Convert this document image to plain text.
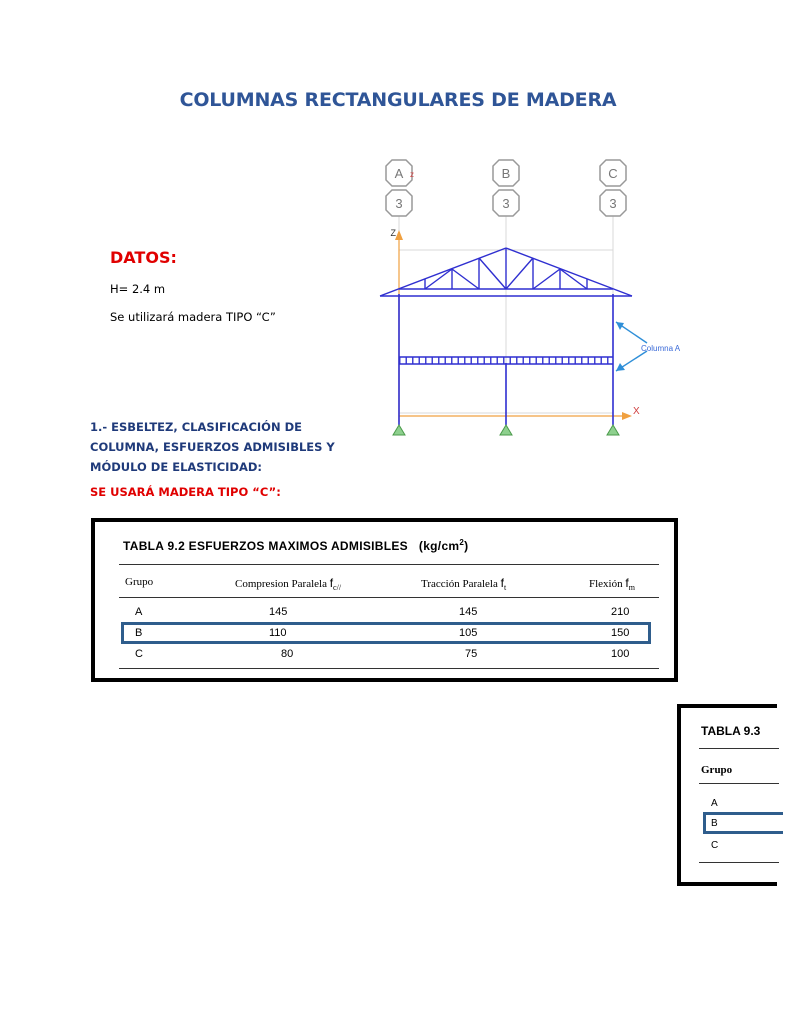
COLUMNAS RECTANGULARES DE MADERA
DATOS:
H= 2.4 m
Se utilizará madera TIPO “C”
1.- ESBELTEZ, CLASIFICACIÓN DE
COLUMNA, ESFUERZOS ADMISIBLES Y
MÓDULO DE ELASTICIDAD:
SE USARÁ MADERA TIPO “C”:
A
3
B
3
C
3
Z
X
Columna A
z
TABLA 9.2 ESFUERZOS MAXIMOS ADMISIBLES $(kg/cm^2)$
Grupo	Compresion Paralela $f_{c//}$	Tracción Paralela $f_t$	Flexión $f_m$
A	145	145	210
B	110	105	150
C	80	75	100
TABLA 9.3
Grupo
A
B
C
